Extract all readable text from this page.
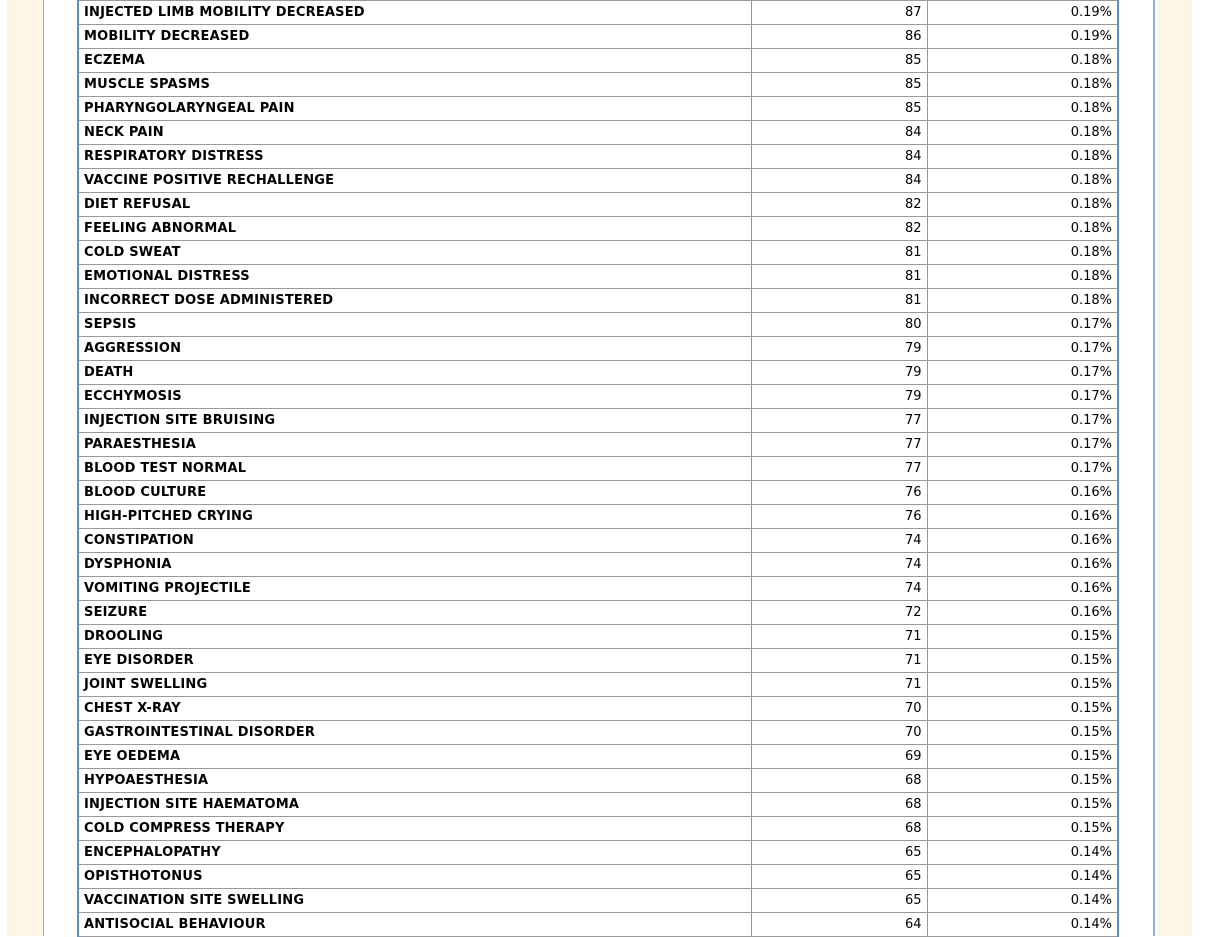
INJECTED LIMB MOBILITY DECREASED	87	0.19%
MOBILITY DECREASED	86	0.19%
ECZEMA	85	0.18%
MUSCLE SPASMS	85	0.18%
PHARYNGOLARYNGEAL PAIN	85	0.18%
NECK PAIN	84	0.18%
RESPIRATORY DISTRESS	84	0.18%
VACCINE POSITIVE RECHALLENGE	84	0.18%
DIET REFUSAL	82	0.18%
FEELING ABNORMAL	82	0.18%
COLD SWEAT	81	0.18%
EMOTIONAL DISTRESS	81	0.18%
INCORRECT DOSE ADMINISTERED	81	0.18%
SEPSIS	80	0.17%
AGGRESSION	79	0.17%
DEATH	79	0.17%
ECCHYMOSIS	79	0.17%
INJECTION SITE BRUISING	77	0.17%
PARAESTHESIA	77	0.17%
BLOOD TEST NORMAL	77	0.17%
BLOOD CULTURE	76	0.16%
HIGH-PITCHED CRYING	76	0.16%
CONSTIPATION	74	0.16%
DYSPHONIA	74	0.16%
VOMITING PROJECTILE	74	0.16%
SEIZURE	72	0.16%
DROOLING	71	0.15%
EYE DISORDER	71	0.15%
JOINT SWELLING	71	0.15%
CHEST X-RAY	70	0.15%
GASTROINTESTINAL DISORDER	70	0.15%
EYE OEDEMA	69	0.15%
HYPOAESTHESIA	68	0.15%
INJECTION SITE HAEMATOMA	68	0.15%
COLD COMPRESS THERAPY	68	0.15%
ENCEPHALOPATHY	65	0.14%
OPISTHOTONUS	65	0.14%
VACCINATION SITE SWELLING	65	0.14%
ANTISOCIAL BEHAVIOUR	64	0.14%
